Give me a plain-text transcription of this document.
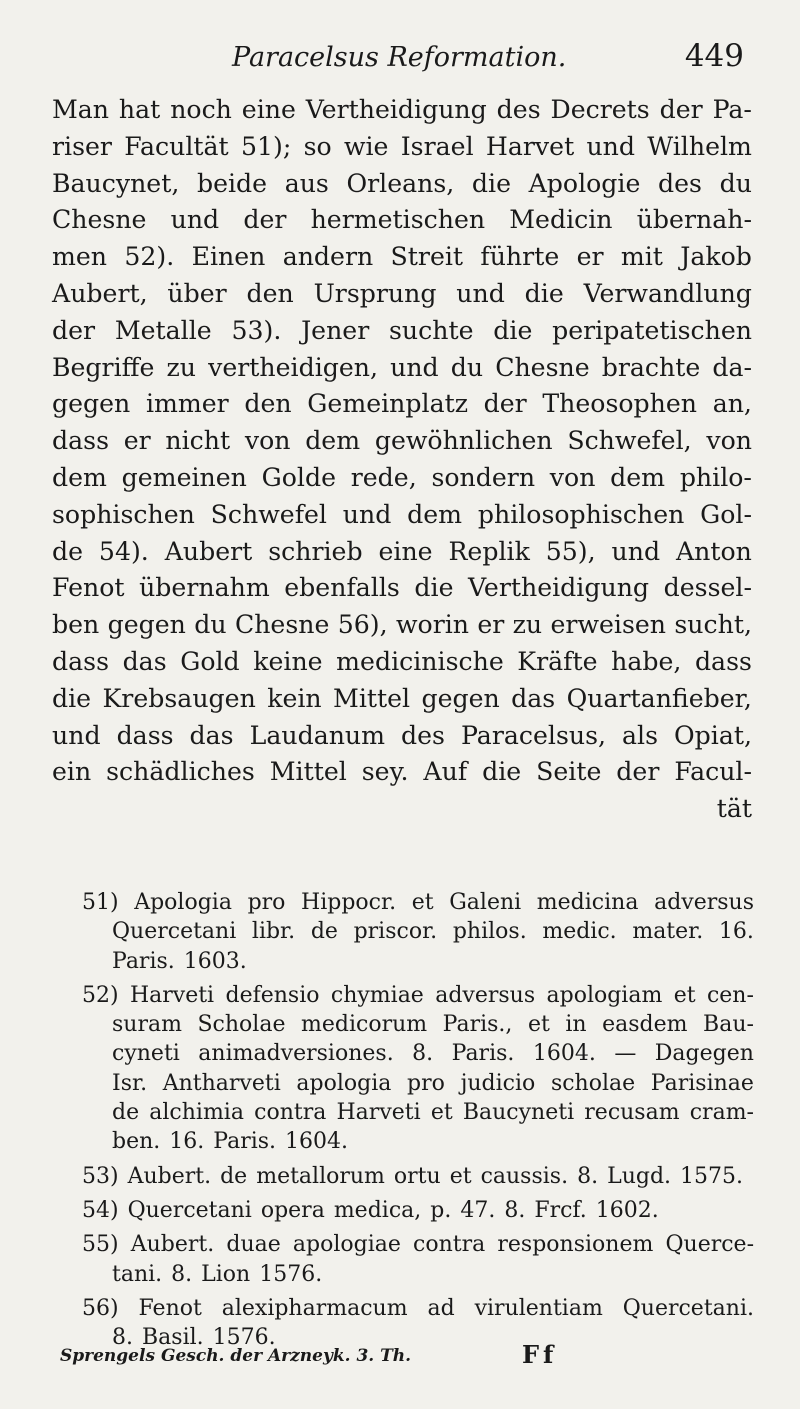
Paracelsus Reformation.	449
Man hat noch eine Vertheidigung des Decrets der Pa-
riser Facultät 51); so wie Israel Harvet und Wilhelm
Baucynet, beide aus Orleans, die Apologie des du
Chesne und der hermetischen Medicin übernah-
men 52). Einen andern Streit führte er mit Jakob
Aubert, über den Ursprung und die Verwandlung
der Metalle 53). Jener suchte die peripatetischen
Begriffe zu vertheidigen, und du Chesne brachte da-
gegen immer den Gemeinplatz der Theosophen an,
dass er nicht von dem gewöhnlichen Schwefel, von
dem gemeinen Golde rede, sondern von dem philo-
sophischen Schwefel und dem philosophischen Gol-
de 54). Aubert schrieb eine Replik 55), und Anton
Fenot übernahm ebenfalls die Vertheidigung dessel-
ben gegen du Chesne 56), worin er zu erweisen sucht,
dass das Gold keine medicinische Kräfte habe, dass
die Krebsaugen kein Mittel gegen das Quartanfieber,
und dass das Laudanum des Paracelsus, als Opiat,
ein schädliches Mittel sey. Auf die Seite der Facul-
tät
51) Apologia pro Hippocr. et Galeni medicina adversus
Quercetani libr. de priscor. philos. medic. mater. 16.
Paris. 1603.
52) Harveti defensio chymiae adversus apologiam et cen-
suram Scholae medicorum Paris., et in easdem Bau-
cyneti animadversiones. 8. Paris. 1604. — Dagegen
Isr. Antharveti apologia pro judicio scholae Parisinae
de alchimia contra Harveti et Baucyneti recusam cram-
ben. 16. Paris. 1604.
53) Aubert. de metallorum ortu et caussis. 8. Lugd. 1575.
54) Quercetani opera medica, p. 47. 8. Frcf. 1602.
55) Aubert. duae apologiae contra responsionem Querce-
tani. 8. Lion 1576.
56) Fenot alexipharmacum ad virulentiam Quercetani.
8. Basil. 1576.
Sprengels Gesch. der Arzneyk. 3. Th.	Ff
